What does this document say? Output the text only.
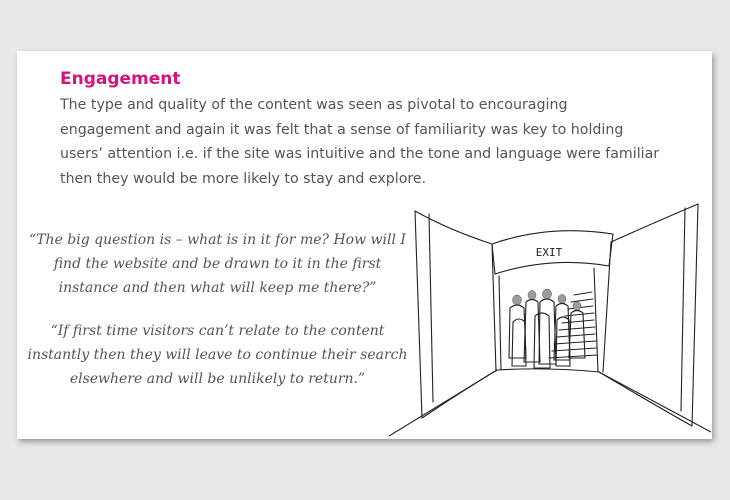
Engagement

The type and quality of the content was seen as pivotal to encouraging engagement and again it was felt that a sense of familiarity was key to holding users’ attention i.e. if the site was intuitive and the tone and language were familiar then they would be more likely to stay and explore.

“The big question is – what is in it for me? How will I find the website and be drawn to it in the first instance and then what will keep me there?”

“If first time visitors can’t relate to the content instantly then they will leave to continue their search elsewhere and will be unlikely to return.”

EXIT
